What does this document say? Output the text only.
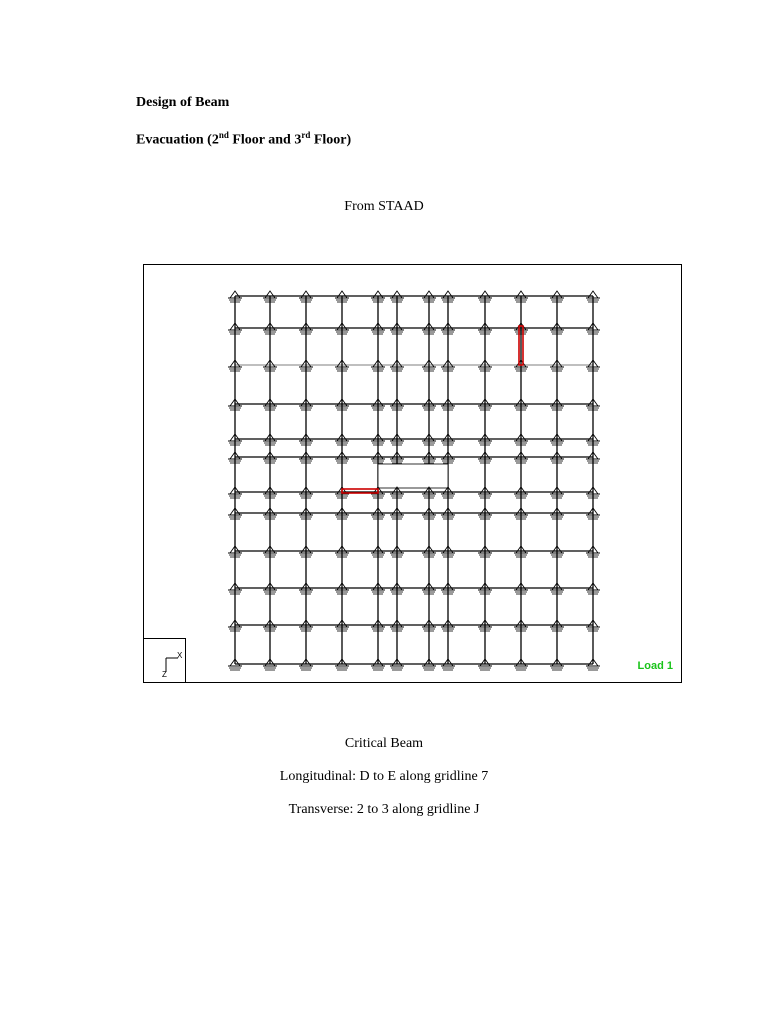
Design of Beam
Evacuation (2nd Floor and 3rd Floor)
From STAAD
X
Z
Load 1
Critical Beam
Longitudinal: D to E along gridline 7
Transverse: 2 to 3 along gridline J
